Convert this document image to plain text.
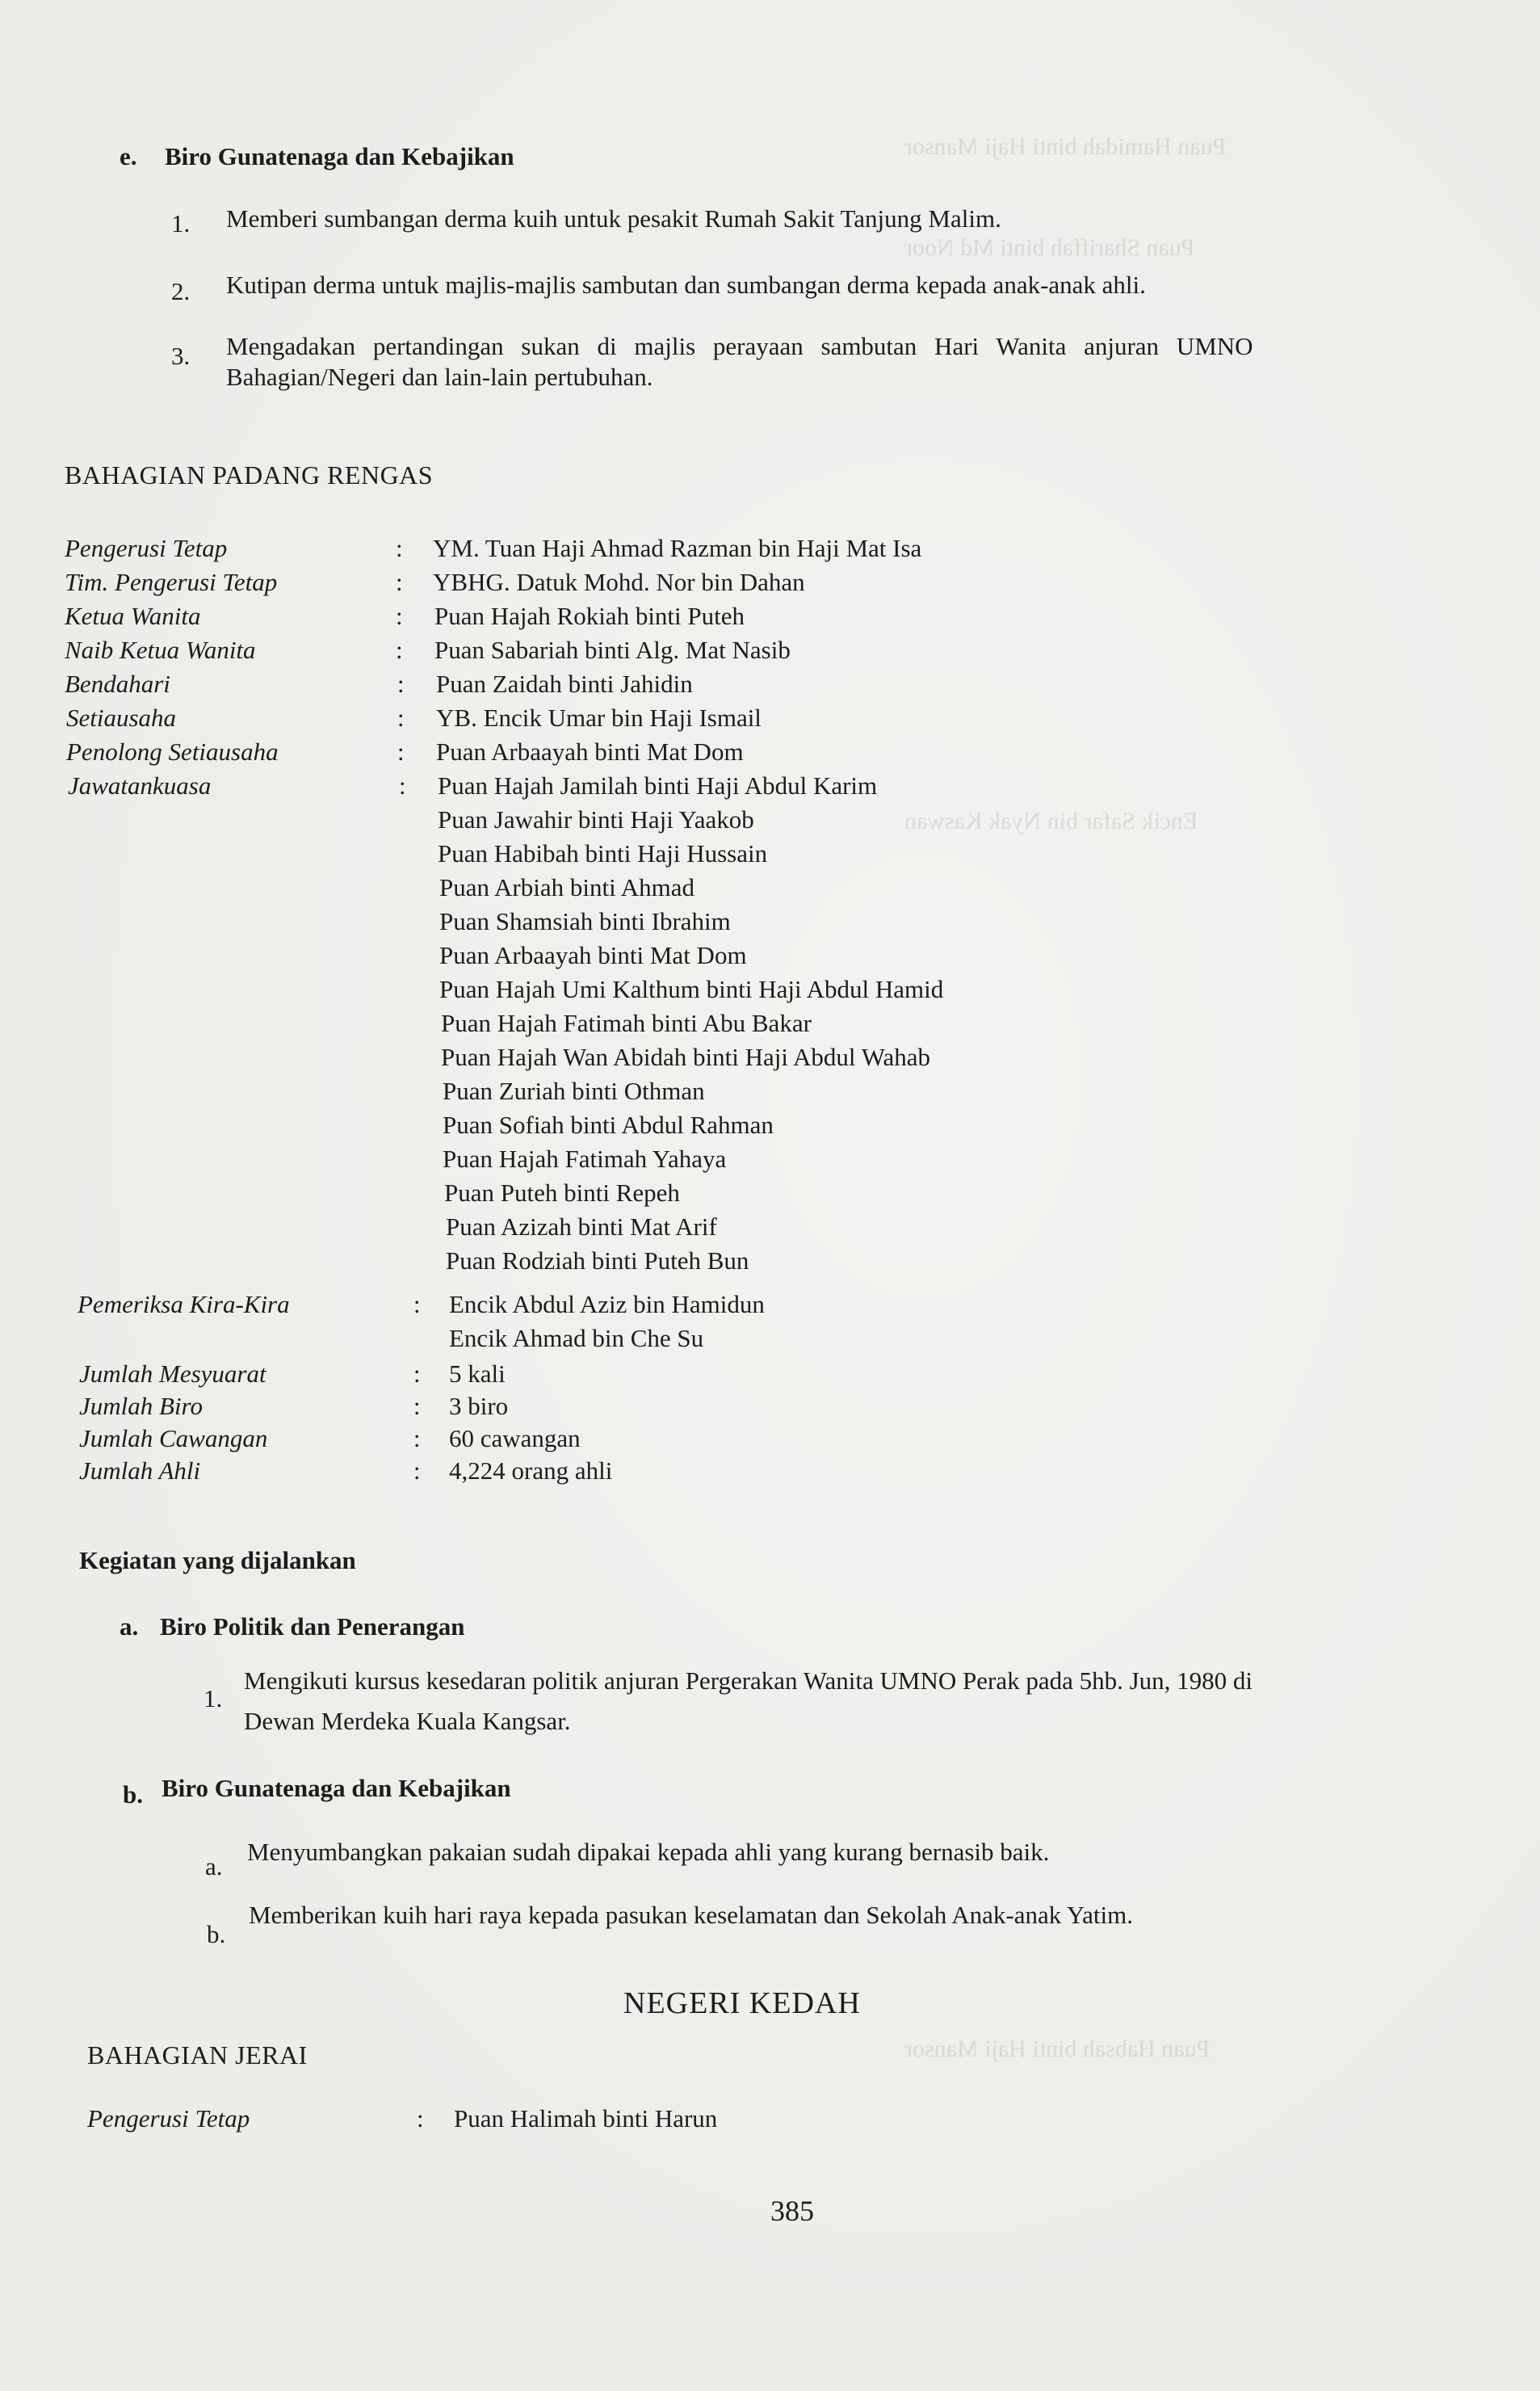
Puan Hamidah binti Haji Mansor
Puan Shariffah binti Md Noor
Encik Safar bin Nyak Kaswan
Puan Habsah binti Haji Mansor
e. Biro Gunatenaga dan Kebajikan
1. Memberi sumbangan derma kuih untuk pesakit Rumah Sakit Tanjung Malim.
2. Kutipan derma untuk majlis-majlis sambutan dan sumbangan derma kepada anak-anak ahli.
3. Mengadakan pertandingan sukan di majlis perayaan sambutan Hari Wanita anjuran UMNO
Bahagian/Negeri dan lain-lain pertubuhan.
BAHAGIAN PADANG RENGAS
Pengerusi Tetap	: YM. Tuan Haji Ahmad Razman bin Haji Mat Isa
Tim. Pengerusi Tetap	: YBHG. Datuk Mohd. Nor bin Dahan
Ketua Wanita	: Puan Hajah Rokiah binti Puteh
Naib Ketua Wanita	: Puan Sabariah binti Alg. Mat Nasib
Bendahari	: Puan Zaidah binti Jahidin
Setiausaha	: YB. Encik Umar bin Haji Ismail
Penolong Setiausaha	: Puan Arbaayah binti Mat Dom
Jawatankuasa	: Puan Hajah Jamilah binti Haji Abdul Karim
Puan Jawahir binti Haji Yaakob
Puan Habibah binti Haji Hussain
Puan Arbiah binti Ahmad
Puan Shamsiah binti Ibrahim
Puan Arbaayah binti Mat Dom
Puan Hajah Umi Kalthum binti Haji Abdul Hamid
Puan Hajah Fatimah binti Abu Bakar
Puan Hajah Wan Abidah binti Haji Abdul Wahab
Puan Zuriah binti Othman
Puan Sofiah binti Abdul Rahman
Puan Hajah Fatimah Yahaya
Puan Puteh binti Repeh
Puan Azizah binti Mat Arif
Puan Rodziah binti Puteh Bun
Pemeriksa Kira-Kira	: Encik Abdul Aziz bin Hamidun
Encik Ahmad bin Che Su
Jumlah Mesyuarat	: 5 kali
Jumlah Biro	: 3 biro
Jumlah Cawangan	: 60 cawangan
Jumlah Ahli	: 4,224 orang ahli
Kegiatan yang dijalankan
a. Biro Politik dan Penerangan
1.
Mengikuti kursus kesedaran politik anjuran Pergerakan Wanita UMNO Perak pada 5hb. Jun, 1980 di
Dewan Merdeka Kuala Kangsar.
b. Biro Gunatenaga dan Kebajikan
a.
Menyumbangkan pakaian sudah dipakai kepada ahli yang kurang bernasib baik.
b.
Memberikan kuih hari raya kepada pasukan keselamatan dan Sekolah Anak-anak Yatim.
NEGERI KEDAH
BAHAGIAN JERAI
Pengerusi Tetap	: Puan Halimah binti Harun
385
